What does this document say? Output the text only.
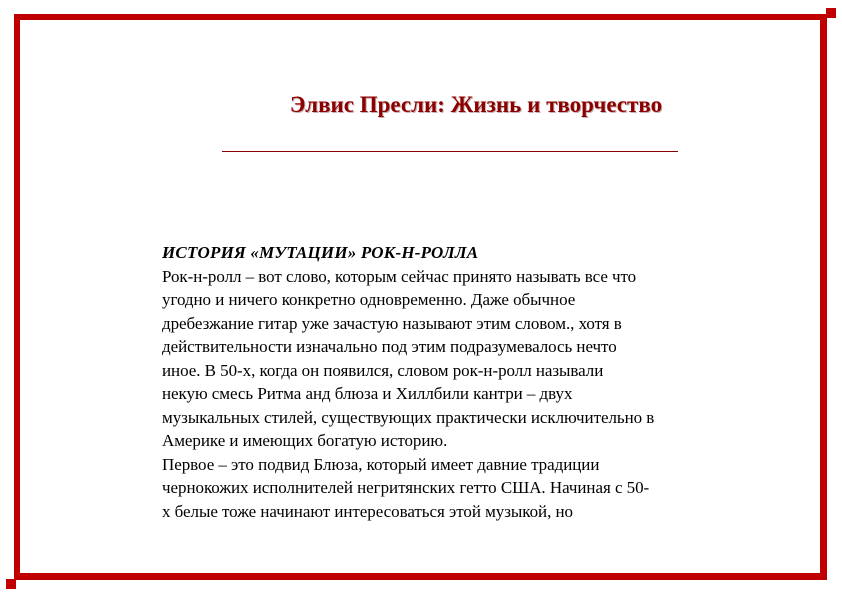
Элвис Пресли: Жизнь и творчество
ИСТОРИЯ «МУТАЦИИ» РОК-Н-РОЛЛА
Рок-н-ролл – вот слово, которым сейчас принято называть все что
угодно и ничего конкретно одновременно. Даже обычное
дребезжание гитар уже зачастую называют этим словом., хотя в
действительности изначально под этим подразумевалось нечто
иное. В 50-х, когда он появился, словом рок-н-ролл называли
некую смесь Ритма анд блюза и Хиллбили кантри – двух
музыкальных стилей, существующих практически исключительно в
Америке и имеющих богатую историю.
Первое – это подвид Блюза, который имеет давние традиции
чернокожих исполнителей негритянских гетто США. Начиная с 50-
х белые тоже начинают интересоваться этой музыкой, но
